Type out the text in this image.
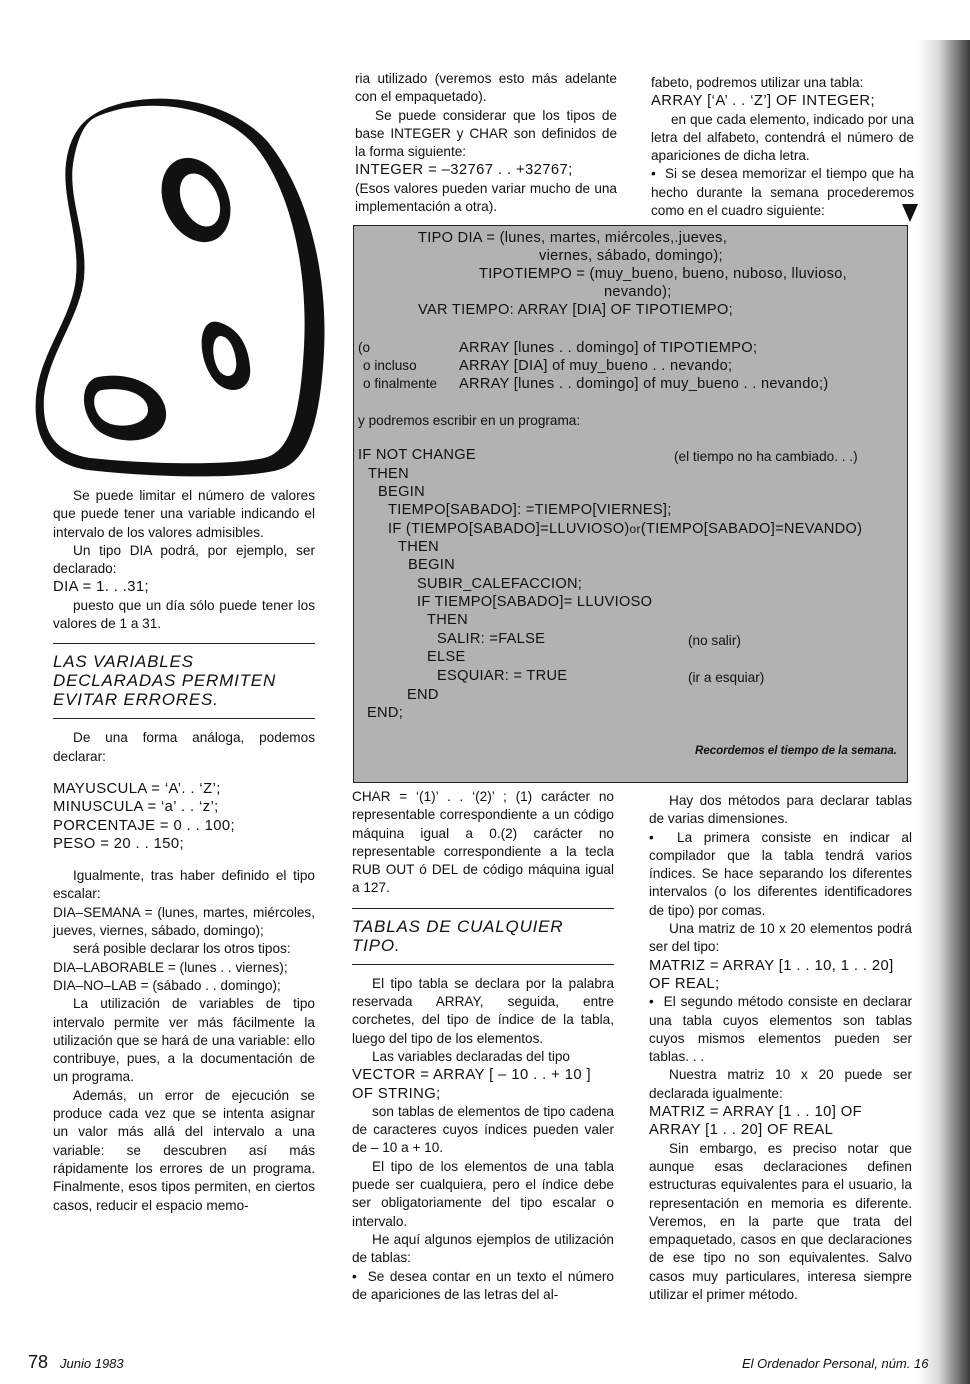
Se puede limitar el número de valores que puede tener una variable indicando el intervalo de los valores admisibles.

Un tipo DIA podrá, por ejemplo, ser declarado:

DIA = 1. . .31;

puesto que un día sólo puede tener los valores de 1 a 31.

LAS VARIABLES DECLARADAS PERMITEN EVITAR ERRORES.

De una forma análoga, podemos declarar:

MAYUSCULA = ‘A’. . ‘Z’;

MINUSCULA = ‘a’ . . ‘z’;

PORCENTAJE = 0 . . 100;

PESO = 20 . . 150;

Igualmente, tras haber definido el tipo escalar:

DIA–SEMANA = (lunes, martes, miércoles, jueves, viernes, sábado, domingo);

será posible declarar los otros tipos:

DIA–LABORABLE = (lunes . . viernes);

DIA–NO–LAB = (sábado . . domingo);

La utilización de variables de tipo intervalo permite ver más fácilmente la utilización que se hará de una variable: ello contribuye, pues, a la documentación de un programa.

Además, un error de ejecución se produce cada vez que se intenta asignar un valor más allá del intervalo a una variable: se descubren así más rápidamente los errores de un programa. Finalmente, esos tipos permiten, en ciertos casos, reducir el espacio memo-

ria utilizado (veremos esto más adelante con el empaquetado).

Se puede considerar que los tipos de base INTEGER y CHAR son definidos de la forma siguiente:

INTEGER = –32767 . . +32767;

(Esos valores pueden variar mucho de una implementación a otra).

fabeto, podremos utilizar una tabla:

ARRAY [‘A’ . . ‘Z’] OF INTEGER;

en que cada elemento, indicado por una letra del alfabeto, contendrá el número de apariciones de dicha letra.

•  Si se desea memorizar el tiempo que ha hecho durante la semana procederemos como en el cuadro siguiente:

TIPO DIA = (lunes, martes, miércoles,.jueves,
viernes, sábado, domingo);
TIPOTIEMPO = (muy_bueno, bueno, nuboso, lluvioso,
nevando);
VAR TIEMPO: ARRAY [DIA] OF TIPOTIEMPO;
(o	ARRAY [lunes . . domingo] of TIPOTIEMPO;
o incluso	ARRAY [DIA] of muy_bueno . . nevando;
o finalmente ARRAY [lunes . . domingo] of muy_bueno . . nevando;)
y podremos escribir en un programa:
IF NOT CHANGE	(el tiempo no ha cambiado. . .)
THEN
BEGIN
TIEMPO[SABADO]: =TIEMPO[VIERNES];
IF (TIEMPO[SABADO]=LLUVIOSO)or(TIEMPO[SABADO]=NEVANDO)
THEN
BEGIN
SUBIR_CALEFACCION;
IF TIEMPO[SABADO]= LLUVIOSO
THEN
SALIR: =FALSE	(no salir)
ELSE
ESQUIAR: = TRUE	(ir a esquiar)
END
END;
Recordemos el tiempo de la semana.

CHAR = ‘(1)’ . . ‘(2)’ ; (1) carácter no representable correspondiente a un código máquina igual a 0.(2) carácter no representable correspondiente a la tecla RUB OUT ó DEL de código máquina igual a 127.

TABLAS DE CUALQUIER TIPO.

El tipo tabla se declara por la palabra reservada ARRAY, seguida, entre corchetes, del tipo de índice de la tabla, luego del tipo de los elementos.

Las variables declaradas del tipo

VECTOR = ARRAY [ – 10 . . + 10 ] OF STRING;

son tablas de elementos de tipo cadena de caracteres cuyos índices pueden valer de – 10 a + 10.

El tipo de los elementos de una tabla puede ser cualquiera, pero el índice debe ser obligatoriamente del tipo escalar o intervalo.

He aquí algunos ejemplos de utilización de tablas:

•  Se desea contar en un texto el número de apariciones de las letras del al-

Hay dos métodos para declarar tablas de varias dimensiones.

•  La primera consiste en indicar al compilador que la tabla tendrá varios índices. Se hace separando los diferentes intervalos (o los diferentes identificadores de tipo) por comas.

Una matriz de 10 x 20 elementos podrá ser del tipo:

MATRIZ = ARRAY [1 . . 10, 1 . . 20] OF REAL;

•  El segundo método consiste en declarar una tabla cuyos elementos son tablas cuyos mismos elementos pueden ser tablas. . .

Nuestra matriz 10 x 20 puede ser declarada igualmente:

MATRIZ = ARRAY [1 . . 10] OF ARRAY [1 . . 20] OF REAL

Sin embargo, es preciso notar que aunque esas declaraciones definen estructuras equivalentes para el usuario, la representación en memoria es diferente. Veremos, en la parte que trata del empaquetado, casos en que declaraciones de ese tipo no son equivalentes. Salvo casos muy particulares, interesa siempre utilizar el primer método.

78 Junio 1983	El Ordenador Personal, núm. 16
